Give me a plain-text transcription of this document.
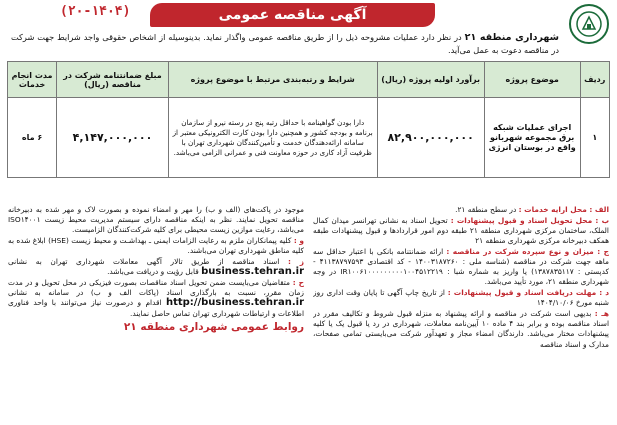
آگهی مناقصه عمومی
(۲۰-۱۴۰۴)
شهرداری منطقه ۲۱ در نظر دارد عملیات مشروحه ذیل را از طریق مناقصه عمومی واگذار نماید. بدینوسیله از اشخاص حقوقی واجد شرایط جهت شرکت در مناقصه دعوت به عمل می‌آید.
ردیف	موضوع پروژه	برآورد اولیه پروژه (ریال)	شرایط و رتبه‌بندی مرتبط با موضوع پروژه	مبلغ ضمانتنامه شرکت در مناقصه (ریال)	مدت انجام خدمات
۱	اجرای عملیات شبکه برق مجموعه شهربانو واقع در بوستان انرژی	۸۲,۹۰۰,۰۰۰,۰۰۰	دارا بودن گواهینامه با حداقل رتبه پنج در رسته نیرو از سازمان برنامه و بودجه کشور و همچنین دارا بودن کارت الکترونیکی معتبر از سامانه ارائه‌دهندگان خدمت و تأمین‌کنندگان شهرداری تهران با ظرفیت آزاد کاری در حوزه معاونت فنی و عمرانی الزامی می‌باشد.	۴,۱۴۷,۰۰۰,۰۰۰	۶ ماه

الف : محل ارایه خدمات : در سطح منطقه ۲۱.

ب : محل تحویل اسناد و قبول پیشنهادات : تحویل اسناد به نشانی تهرانسر میدان کمال الملک، ساختمان مرکزی شهرداری منطقه ۲۱ طبقه دوم امور قراردادها و قبول پیشنهادات طبقه همکف دبیرخانه مرکزی شهرداری منطقه ۲۱

ج : میزان و نوع سپرده شرکت در مناقصه : ارائه ضمانتنامه بانکی با اعتبار حداقل سه ماهه جهت شرکت در مناقصه (شناسه ملی : ۱۴۰۰۳۱۸۷۲۶۰ - کد اقتصادی ۴۱۱۳۸۷۹۷۵۹۳ - کدپستی : ۱۳۸۷۸۳۵۱۱۷) یا واریز به شماره شبا : IR۱۰۰۶۱۰۰۰۰۰۰۰۰۰۱۰۰۴۵۱۲۲۱۹ در وجه شهرداری منطقه ۲۱، مورد تأیید می‌باشد.

د : مهلت دریافت اسناد و قبول پیشنهادات : از تاریخ چاپ آگهی تا پایان وقت اداری روز شنبه مورخ ۱۴۰۴/۱۰/۰۶

هـ : بدیهی است شرکت در مناقصه و ارائه پیشنهاد به منزله قبول شروط و تکالیف مقرر در اسناد مناقصه بوده و برابر بند ۴ ماده ۱۰ آیین‌نامه معاملات، شهرداری در رد یا قبول یک یا کلیه پیشنهادات مختار می‌باشد. دارندگان امضاء مجاز و تعهدآور شرکت می‌بایستی تمامی صفحات، مدارک و اسناد مناقصه

موجود در پاکت‌های (الف و ب) را مهر و امضاء نموده و بصورت لاک و مهر شده به دبیرخانه مناقصه تحویل نمایند. نظر به اینکه مناقصه دارای سیستم مدیریت محیط زیست ISO۱۴۰۰۱ می‌باشد، رعایت موازین زیست محیطی برای کلیه شرکت‌کنندگان الزامیست.

و : کلیه پیمانکاران ملزم به رعایت الزامات ایمنی ـ بهداشـت و محیط زیست (HSE) ابلاغ شده به کلیه مناطق شهرداری تهران می‌باشند.

ز : اسناد مناقصه از طریق تالار آگهی معاملات شهرداری تهران به نشانی business.tehran.ir قابل رؤیت و دریافت می‌باشد.

ح : متقاضیان می‌بایست ضمن تحویل اسناد مناقصات بصورت فیزیکی در محل تحویل و در مدت زمان مقرر، نسبت به بارگذاری اسناد (پاکات الف و ب) در سامانه به نشانی http://business.tehran.ir اقدام و درصورت نیاز می‌توانند با واحد فناوری اطلاعات و ارتباطات شهرداری تهران تماس حاصل نمایند.

روابط عمومی شهرداری منطقه ۲۱
